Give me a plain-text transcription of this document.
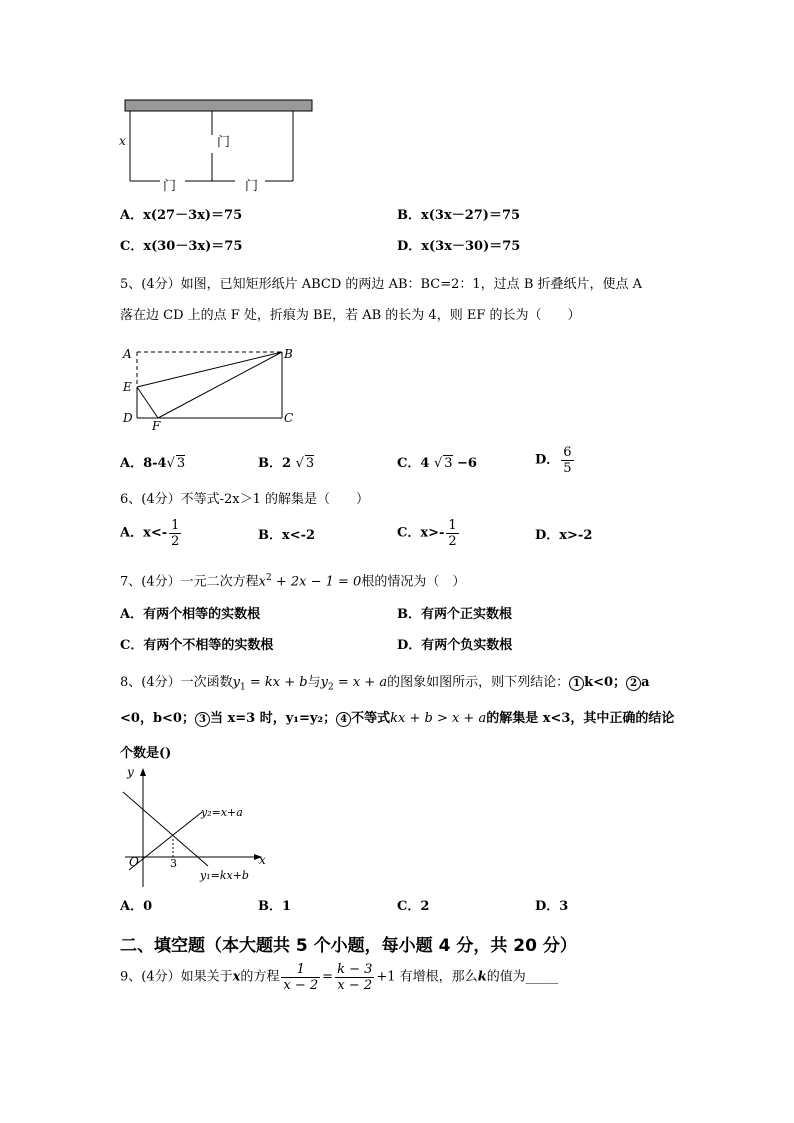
x	门
门	门
A．x(27－3x)＝75	B．x(3x－27)＝75
C．x(30－3x)＝75	D．x(3x－30)＝75
5、(4分）如图，已知矩形纸片 ABCD 的两边 AB：BC=2：1，过点 B 折叠纸片，使点 A
落在边 CD 上的点 F 处，折痕为 BE，若 AB 的长为 4，则 EF 的长为（　　）
A	B
E
D	C
F
A．8-4√ 3	B．2 √ 3	C．4 √ 3 −6	D． $\frac{6}{5}$
6、(4分）不等式-2x＞1 的解集是（　　）
A．$x<- \frac{1}{2}$	B．x<-2	C．$x>- \frac{1}{2}$	D．x>-2
7、(4分）一元二次方程$x^2 + 2x - 1 = 0$根的情况为（　）
A．有两个相等的实数根	B．有两个正实数根
C．有两个不相等的实数根	D．有两个负实数根
8、(4分）一次函数$y_1$ = kx + b与$y_2 = x + a$的图象如图所示，则下列结论： 1 k<0； 2 a
<0，b<0； 3 当 x=3 时，y₁=y₂； 4 不等式kx + b > x + a的解集是 x<3，其中正确的结论
个数是()
y
x
O	3
y₂=x+a
y₁=kx+b
A．0	B．1	C．2	D．3
二、填空题（本大题共 5 个小题，每小题 4 分，共 20 分）
9、(4分）如果关于x的方程 $\frac{1}{x - 2} = \frac{k - 3}{x - 2} +1$ 有增根，那么k的值为_____
